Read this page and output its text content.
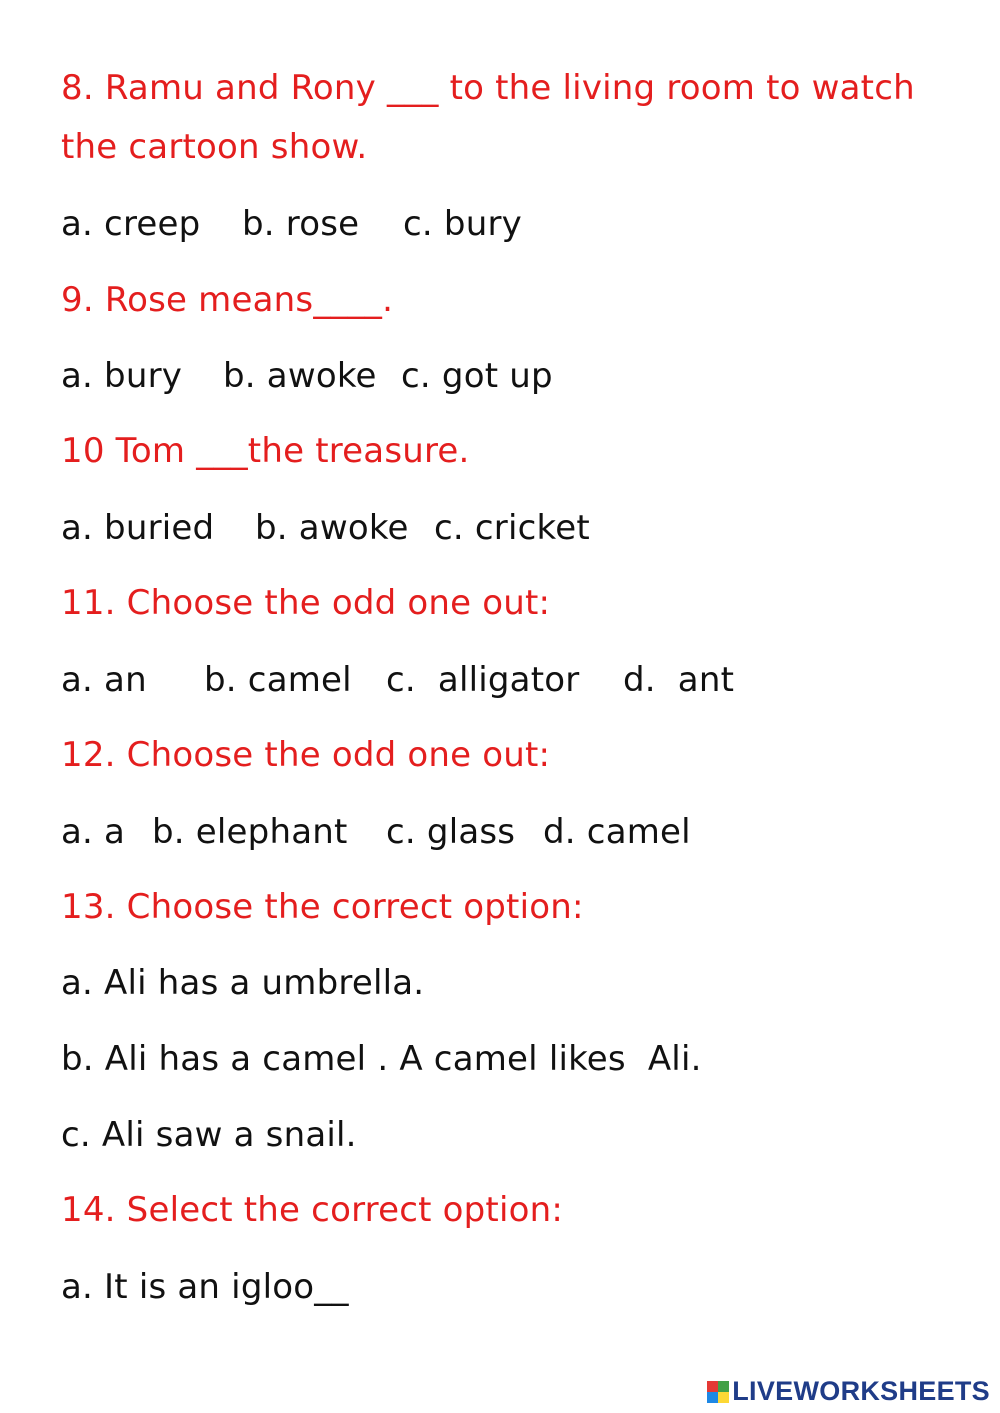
8. Ramu and Rony ___ to the living room to watch
the cartoon show.
a. creep	b. rose	c. bury
9. Rose means____.
a. bury	b. awoke c. got up
10 Tom ___the treasure.
a. buried	b. awoke c. cricket
11. Choose the odd one out:
a. an	b. camel	c.  alligator	d.  ant
12. Choose the odd one out:
a. a b. elephant	c. glass d. camel
13. Choose the correct option:
a. Ali has a umbrella.
b. Ali has a camel . A camel likes  Ali.
c. Ali saw a snail.
14. Select the correct option:
a. It is an igloo__
LIVEWORKSHEETS
